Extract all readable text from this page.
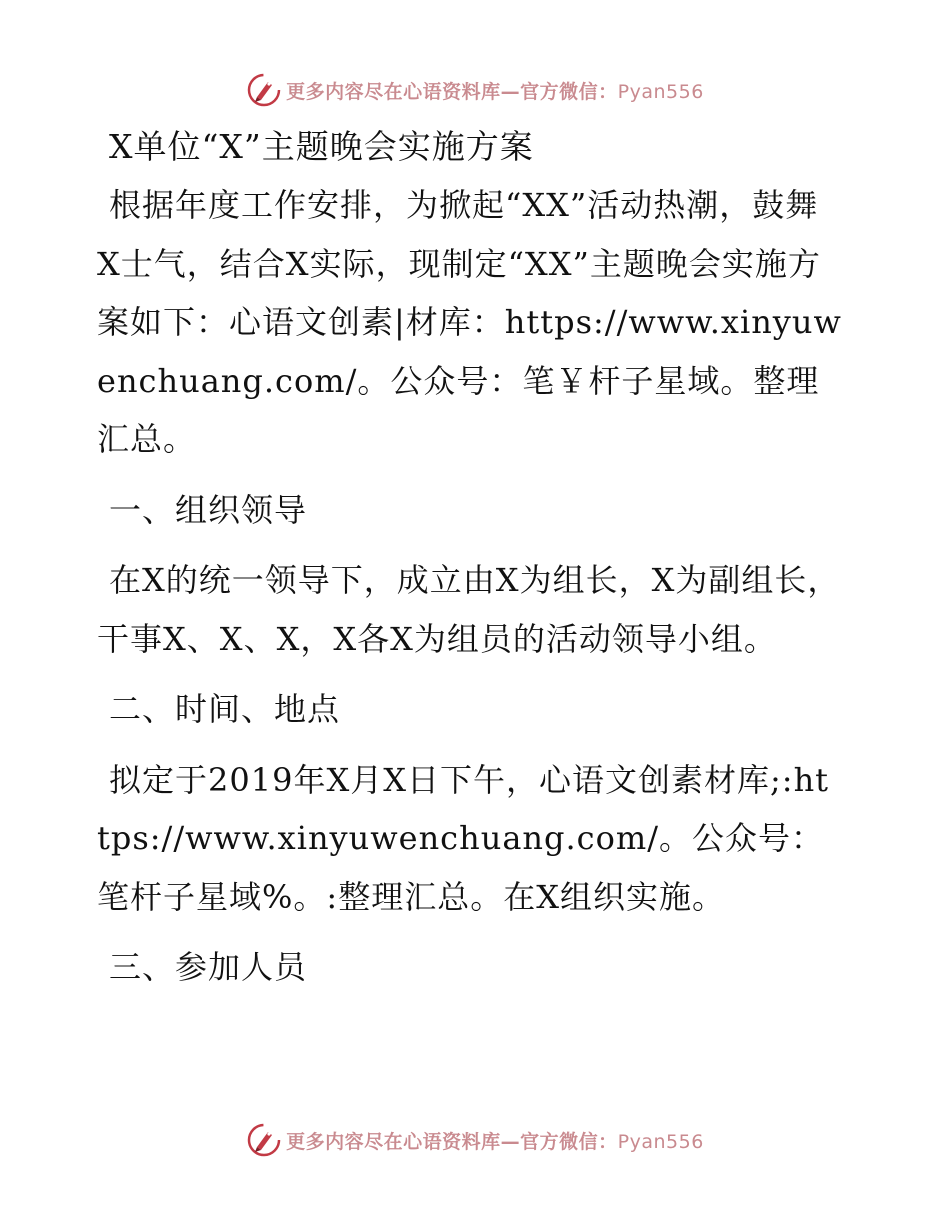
更多内容尽在心语资料库—官方微信：Pyan556
X单位“X”主题晚会实施方案

根据年度工作安排，为掀起“XX”活动热潮，鼓舞X士气，结合X实际，现制定“XX”主题晚会实施方案如下：心语文创素|材库：https://www.xinyuwenchuang.com/。公众号：笔￥杆子星域。整理汇总。

一、组织领导

在X的统一领导下，成立由X为组长，X为副组长，干事X、X、X，X各X为组员的活动领导小组。

二、时间、地点

拟定于2019年X月X日下午，心语文创素材库;:https://www.xinyuwenchuang.com/。公众号：笔杆子星域%。:整理汇总。在X组织实施。

三、参加人员
更多内容尽在心语资料库—官方微信：Pyan556
